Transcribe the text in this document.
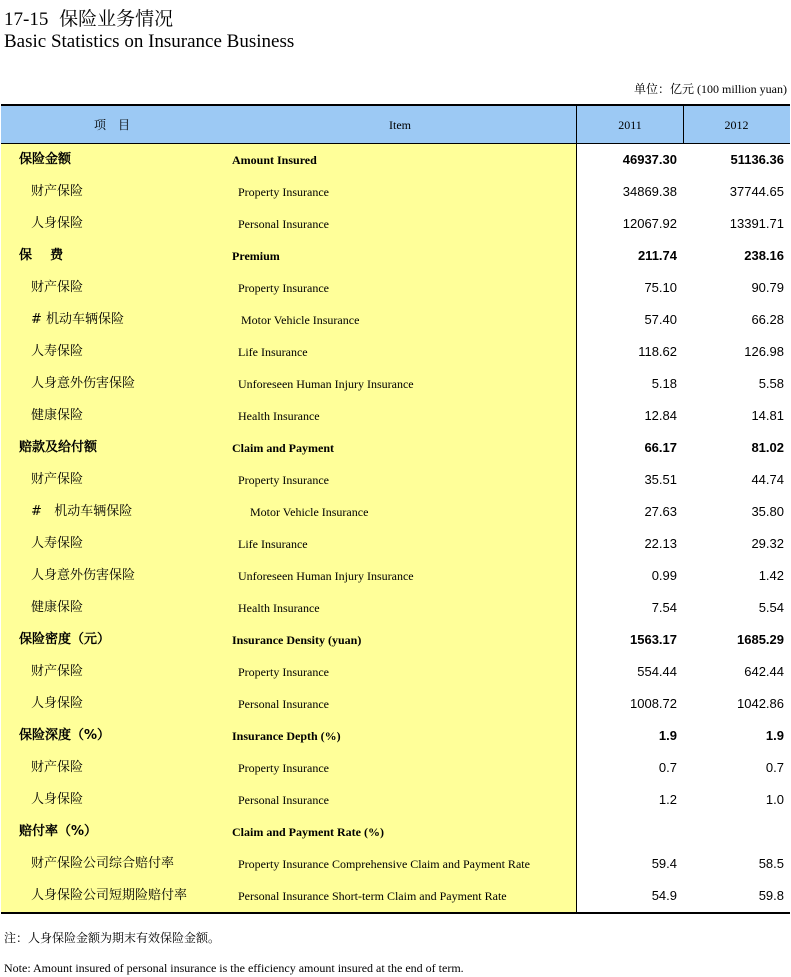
17-15 保险业务情况
Basic Statistics on Insurance Business
单位：亿元 (100 million yuan)
项    目	Item	2011	2012
保险金额	Amount Insured	46937.30	51136.36
财产保险	Property Insurance	34869.38	37744.65
人身保险	Personal Insurance	12067.92	13391.71
保    费	Premium	211.74	238.16
财产保险	Property Insurance	75.10	90.79
# 机动车辆保险	Motor Vehicle Insurance	57.40	66.28
人寿保险	Life Insurance	118.62	126.98
人身意外伤害保险	Unforeseen Human Injury Insurance	5.18	5.58
健康保险	Health Insurance	12.84	14.81
赔款及给付额	Claim and Payment	66.17	81.02
财产保险	Property Insurance	35.51	44.74
#   机动车辆保险	Motor Vehicle Insurance	27.63	35.80
人寿保险	Life Insurance	22.13	29.32
人身意外伤害保险	Unforeseen Human Injury Insurance	0.99	1.42
健康保险	Health Insurance	7.54	5.54
保险密度（元）	Insurance Density (yuan)	1563.17	1685.29
财产保险	Property Insurance	554.44	642.44
人身保险	Personal Insurance	1008.72	1042.86
保险深度（%）	Insurance Depth (%)	1.9	1.9
财产保险	Property Insurance	0.7	0.7
人身保险	Personal Insurance	1.2	1.0
赔付率（%）	Claim and Payment Rate (%)
财产保险公司综合赔付率	Property Insurance Comprehensive Claim and Payment Rate	59.4	58.5
人身保险公司短期险赔付率	Personal Insurance Short-term Claim and Payment Rate	54.9	59.8
注：人身保险金额为期末有效保险金额。
Note: Amount insured of personal insurance is the efficiency amount insured at the end of term.
